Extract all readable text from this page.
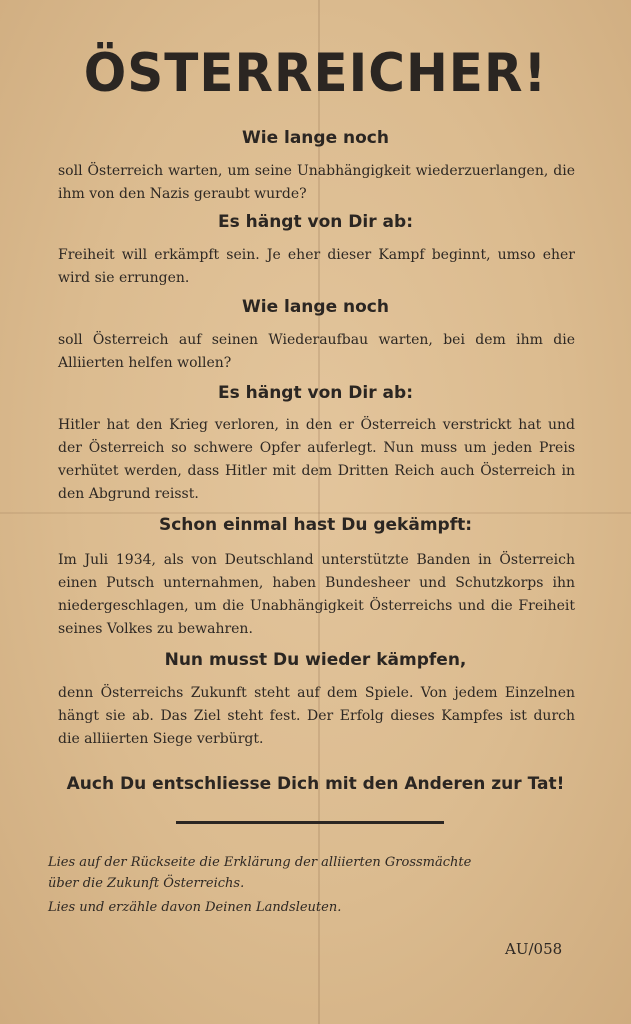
ÖSTERREICHER!
Wie lange noch
soll Österreich warten, um seine Unabhängigkeit wiederzuerlangen, die ihm von den Nazis geraubt wurde?
Es hängt von Dir ab:
Freiheit will erkämpft sein. Je eher dieser Kampf beginnt, umso eher wird sie errungen.
Wie lange noch
soll Österreich auf seinen Wiederaufbau warten, bei dem ihm die Alliierten helfen wollen?
Es hängt von Dir ab:
Hitler hat den Krieg verloren, in den er Österreich verstrickt hat und der Österreich so schwere Opfer auferlegt. Nun muss um jeden Preis verhütet werden, dass Hitler mit dem Dritten Reich auch Österreich in den Abgrund reisst.
Schon einmal hast Du gekämpft:
Im Juli 1934, als von Deutschland unterstützte Banden in Österreich einen Putsch unternahmen, haben Bundesheer und Schutzkorps ihn niedergeschlagen, um die Unabhängigkeit Österreichs und die Freiheit seines Volkes zu bewahren.
Nun musst Du wieder kämpfen,
denn Österreichs Zukunft steht auf dem Spiele. Von jedem Einzelnen hängt sie ab. Das Ziel steht fest. Der Erfolg dieses Kampfes ist durch die alliierten Siege verbürgt.
Auch Du entschliesse Dich mit den Anderen zur Tat!
Lies auf der Rückseite die Erklärung der alliierten Grossmächte
über die Zukunft Österreichs.
Lies und erzähle davon Deinen Landsleuten.
AU/058
